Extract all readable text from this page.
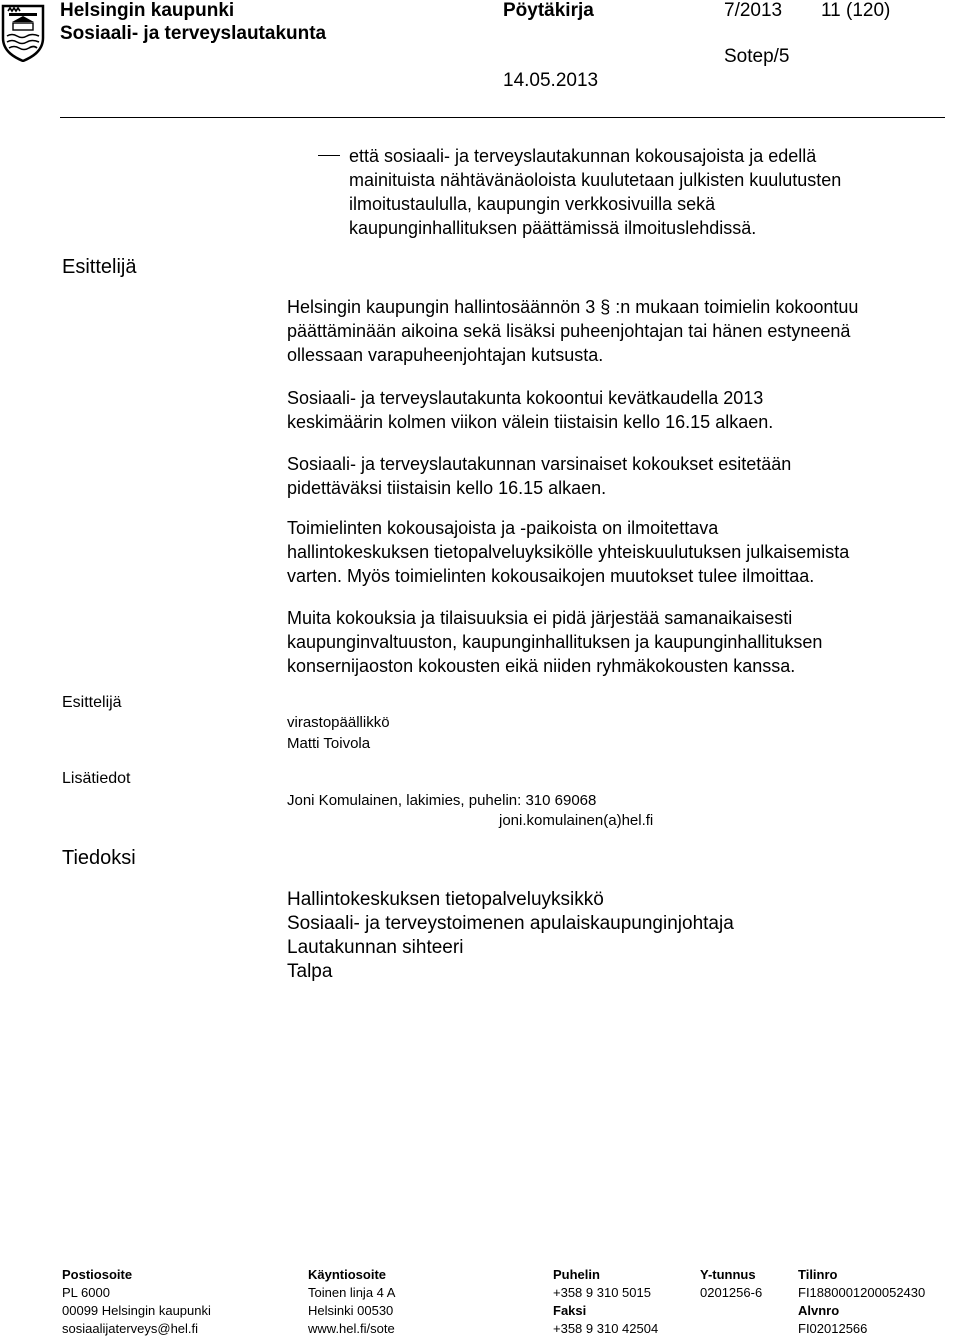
Helsingin kaupunki
Sosiaali- ja terveyslautakunta
Pöytäkirja	7/2013 11 (120)
Sotep/5
14.05.2013
että sosiaali- ja terveyslautakunnan kokousajoista ja edellä
mainituista nähtävänäoloista kuulutetaan julkisten kuulutusten
ilmoitustaululla, kaupungin verkkosivuilla sekä
kaupunginhallituksen päättämissä ilmoituslehdissä.
Esittelijä
Helsingin kaupungin hallintosäännön 3 § :n mukaan toimielin kokoontuu
päättäminään aikoina sekä lisäksi puheenjohtajan tai hänen estyneenä
ollessaan varapuheenjohtajan kutsusta.
Sosiaali- ja terveyslautakunta kokoontui kevätkaudella 2013
keskimäärin kolmen viikon välein tiistaisin kello 16.15 alkaen.
Sosiaali- ja terveyslautakunnan varsinaiset kokoukset esitetään
pidettäväksi tiistaisin kello 16.15 alkaen.
Toimielinten kokousajoista ja -paikoista on ilmoitettava
hallintokeskuksen tietopalveluyksikölle yhteiskuulutuksen julkaisemista
varten. Myös toimielinten kokousaikojen muutokset tulee ilmoittaa.
Muita kokouksia ja tilaisuuksia ei pidä järjestää samanaikaisesti
kaupunginvaltuuston, kaupunginhallituksen ja kaupunginhallituksen
konsernijaoston kokousten eikä niiden ryhmäkokousten kanssa.
Esittelijä
virastopäällikkö
Matti Toivola
Lisätiedot
Joni Komulainen, lakimies, puhelin: 310 69068
joni.komulainen(a)hel.fi
Tiedoksi
Hallintokeskuksen tietopalveluyksikkö
Sosiaali- ja terveystoimenen apulaiskaupunginjohtaja
Lautakunnan sihteeri
Talpa
Postiosoite
PL 6000
00099 Helsingin kaupunki
sosiaalijaterveys@hel.fi
Käyntiosoite
Toinen linja 4 A
Helsinki 00530
www.hel.fi/sote
Puhelin
+358 9 310 5015
Faksi
+358 9 310 42504
Y-tunnus
0201256-6
Tilinro
FI1880001200052430
Alvnro
FI02012566
